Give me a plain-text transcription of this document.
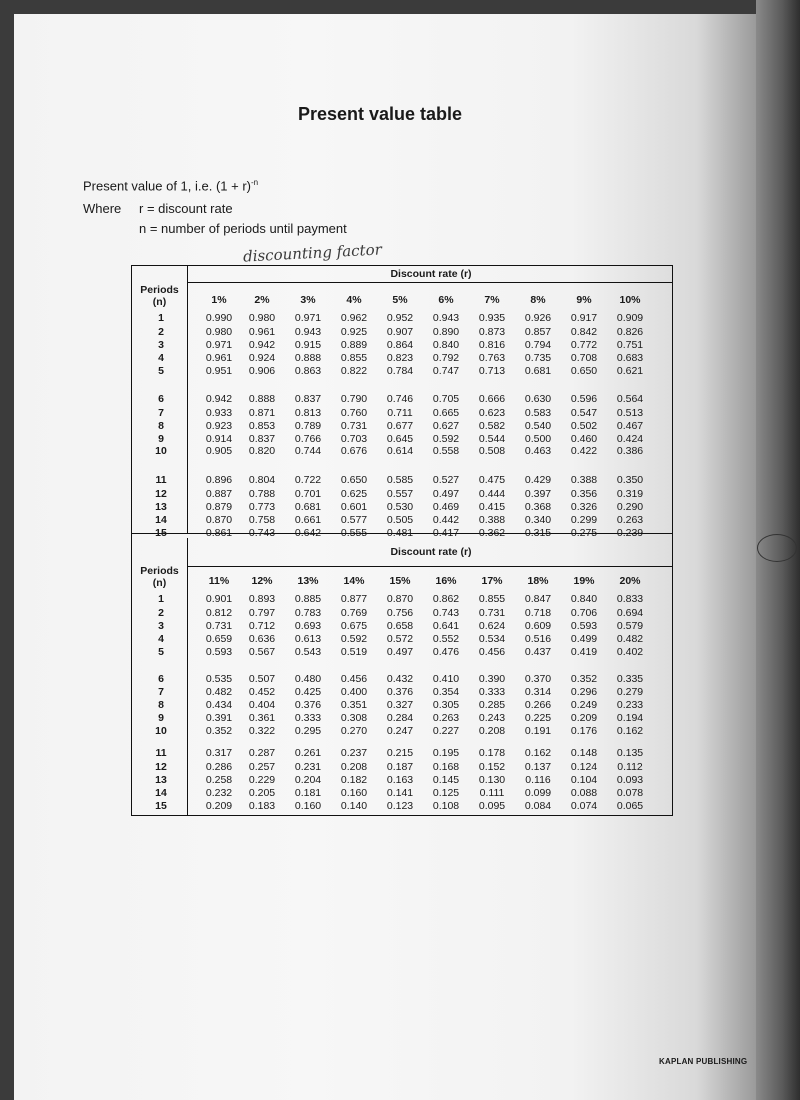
Present value table
Present value of 1, i.e. $(1 + r)^{-n}$
Where r = discount rate
n = number of periods until payment
discounting factor
Discount rate (r)
Discount rate (r)
Periods
(n)
Periods
(n)
1%	2%	3%	4%	5%	6%	7%	8%	9%	10%
1	0.990	0.980	0.971	0.962	0.952	0.943	0.935	0.926	0.917	0.909
2	0.980	0.961	0.943	0.925	0.907	0.890	0.873	0.857	0.842	0.826
3	0.971	0.942	0.915	0.889	0.864	0.840	0.816	0.794	0.772	0.751
4	0.961	0.924	0.888	0.855	0.823	0.792	0.763	0.735	0.708	0.683
5	0.951	0.906	0.863	0.822	0.784	0.747	0.713	0.681	0.650	0.621
6	0.942	0.888	0.837	0.790	0.746	0.705	0.666	0.630	0.596	0.564
7	0.933	0.871	0.813	0.760	0.711	0.665	0.623	0.583	0.547	0.513
8	0.923	0.853	0.789	0.731	0.677	0.627	0.582	0.540	0.502	0.467
9	0.914	0.837	0.766	0.703	0.645	0.592	0.544	0.500	0.460	0.424
10	0.905	0.820	0.744	0.676	0.614	0.558	0.508	0.463	0.422	0.386
11	0.896	0.804	0.722	0.650	0.585	0.527	0.475	0.429	0.388	0.350
12	0.887	0.788	0.701	0.625	0.557	0.497	0.444	0.397	0.356	0.319
13	0.879	0.773	0.681	0.601	0.530	0.469	0.415	0.368	0.326	0.290
14	0.870	0.758	0.661	0.577	0.505	0.442	0.388	0.340	0.299	0.263
15	0.861	0.743	0.642	0.555	0.481	0.417	0.362	0.315	0.275	0.239
11%	12%	13%	14%	15%	16%	17%	18%	19%	20%
1	0.901	0.893	0.885	0.877	0.870	0.862	0.855	0.847	0.840	0.833
2	0.812	0.797	0.783	0.769	0.756	0.743	0.731	0.718	0.706	0.694
3	0.731	0.712	0.693	0.675	0.658	0.641	0.624	0.609	0.593	0.579
4	0.659	0.636	0.613	0.592	0.572	0.552	0.534	0.516	0.499	0.482
5	0.593	0.567	0.543	0.519	0.497	0.476	0.456	0.437	0.419	0.402
6	0.535	0.507	0.480	0.456	0.432	0.410	0.390	0.370	0.352	0.335
7	0.482	0.452	0.425	0.400	0.376	0.354	0.333	0.314	0.296	0.279
8	0.434	0.404	0.376	0.351	0.327	0.305	0.285	0.266	0.249	0.233
9	0.391	0.361	0.333	0.308	0.284	0.263	0.243	0.225	0.209	0.194
10	0.352	0.322	0.295	0.270	0.247	0.227	0.208	0.191	0.176	0.162
11	0.317	0.287	0.261	0.237	0.215	0.195	0.178	0.162	0.148	0.135
12	0.286	0.257	0.231	0.208	0.187	0.168	0.152	0.137	0.124	0.112
13	0.258	0.229	0.204	0.182	0.163	0.145	0.130	0.116	0.104	0.093
14	0.232	0.205	0.181	0.160	0.141	0.125	0.111	0.099	0.088	0.078
15	0.209	0.183	0.160	0.140	0.123	0.108	0.095	0.084	0.074	0.065
KAPLAN PUBLISHING
